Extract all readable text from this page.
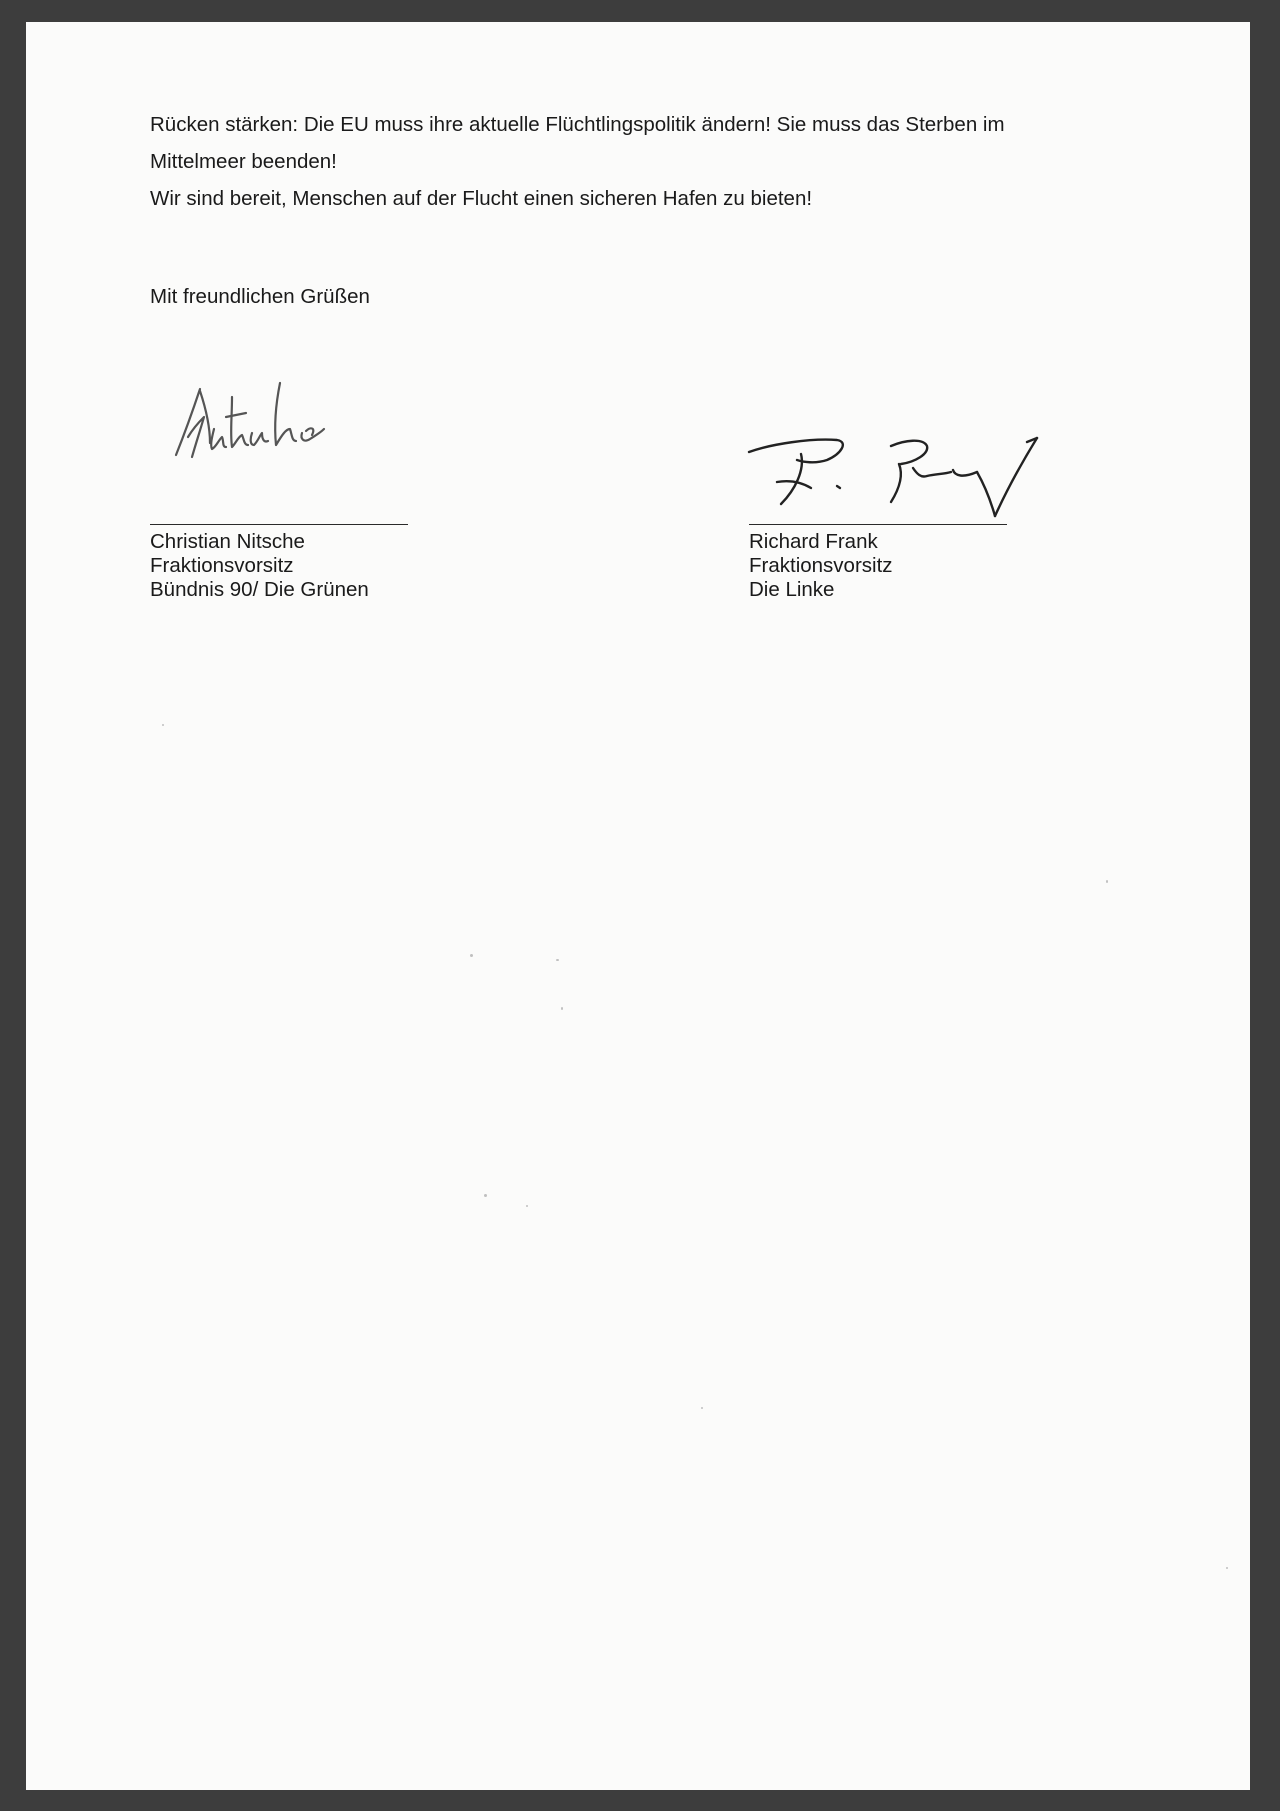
Rücken stärken: Die EU muss ihre aktuelle Flüchtlingspolitik ändern! Sie muss das Sterben im

Mittelmeer beenden!

Wir sind bereit, Menschen auf der Flucht einen sicheren Hafen zu bieten!

Mit freundlichen Grüßen
Christian Nitsche
Fraktionsvorsitz
Bündnis 90/ Die Grünen
Richard Frank
Fraktionsvorsitz
Die Linke
